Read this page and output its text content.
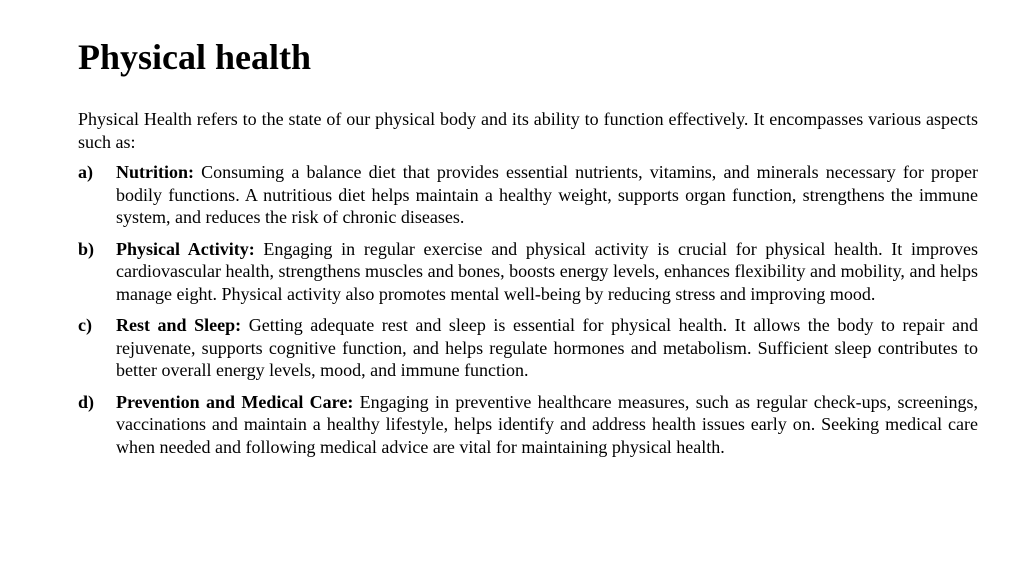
Physical health

Physical Health refers to the state of our physical body and its ability to function effectively. It encompasses various aspects such as:

a)	Nutrition: Consuming a balance diet that provides essential nutrients, vitamins, and minerals necessary for proper bodily functions. A nutritious diet helps maintain a healthy weight, supports organ function, strengthens the immune system, and reduces the risk of chronic diseases.
b)	Physical Activity: Engaging in regular exercise and physical activity is crucial for physical health. It improves cardiovascular health, strengthens muscles and bones, boosts energy levels, enhances flexibility and mobility, and helps manage eight. Physical activity also promotes mental well-being by reducing stress and improving mood.
c)	Rest and Sleep: Getting adequate rest and sleep is essential for physical health. It allows the body to repair and rejuvenate, supports cognitive function, and helps regulate hormones and metabolism. Sufficient sleep contributes to better overall energy levels, mood, and immune function.
d)	Prevention and Medical Care: Engaging in preventive healthcare measures, such as regular check-ups, screenings, vaccinations and maintain a healthy lifestyle, helps identify and address health issues early on. Seeking medical care when needed and following medical advice are vital for maintaining physical health.
